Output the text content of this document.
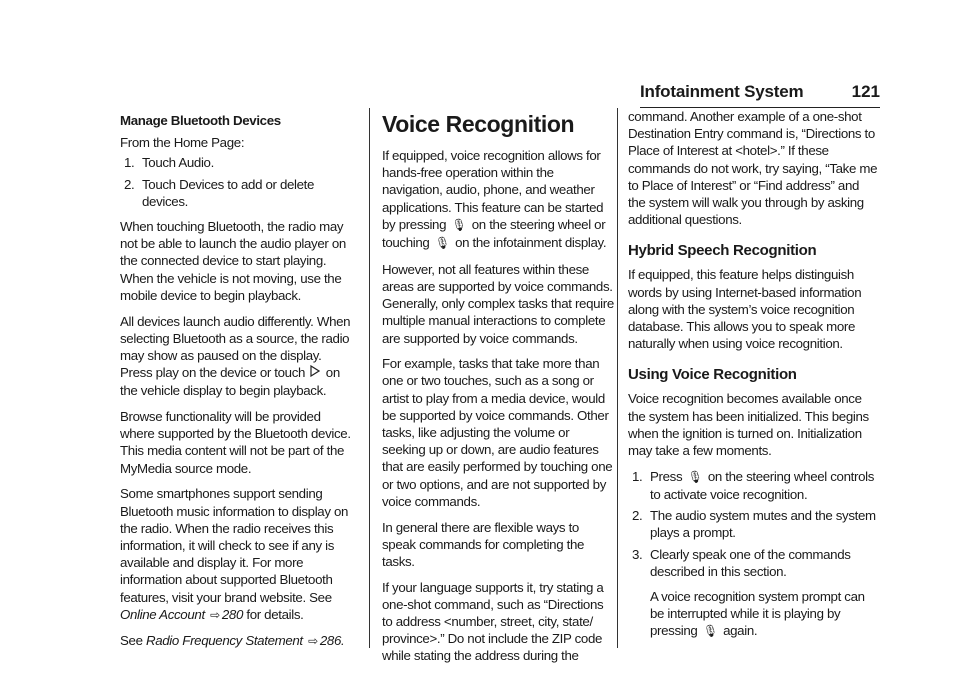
Infotainment System	121

Manage Bluetooth Devices

From the Home Page:

1. Touch Audio.
2. Touch Devices to add or delete devices.

When touching Bluetooth, the radio may not be able to launch the audio player on the connected device to start playing. When the vehicle is not moving, use the mobile device to begin playback.

All devices launch audio differently. When selecting Bluetooth as a source, the radio may show as paused on the display. Press play on the device or touch on the vehicle display to begin playback.

Browse functionality will be provided where supported by the Bluetooth device. This media content will not be part of the MyMedia source mode.

Some smartphones support sending Bluetooth music information to display on the radio. When the radio receives this information, it will check to see if any is available and display it. For more information about supported Bluetooth features, visit your brand website. See Online Account ⇨ 280 for details.

See Radio Frequency Statement ⇨ 286.

Voice Recognition

If equipped, voice recognition allows for hands-free operation within the navigation, audio, phone, and weather applications. This feature can be started by pressing 🎙 on the steering wheel or touching 🎙 on the infotainment display.

However, not all features within these areas are supported by voice commands. Generally, only complex tasks that require multiple manual interactions to complete are supported by voice commands.

For example, tasks that take more than one or two touches, such as a song or artist to play from a media device, would be supported by voice commands. Other tasks, like adjusting the volume or seeking up or down, are audio features that are easily performed by touching one or two options, and are not supported by voice commands.

In general there are flexible ways to speak commands for completing the tasks.

If your language supports it, try stating a one-shot command, such as “Directions to address <number, street, city, state/ province>.” Do not include the ZIP code while stating the address during the

command. Another example of a one-shot Destination Entry command is, “Directions to Place of Interest at <hotel>.” If these commands do not work, try saying, “Take me to Place of Interest” or “Find address” and the system will walk you through by asking additional questions.

Hybrid Speech Recognition

If equipped, this feature helps distinguish words by using Internet-based information along with the system’s voice recognition database. This allows you to speak more naturally when using voice recognition.

Using Voice Recognition

Voice recognition becomes available once the system has been initialized. This begins when the ignition is turned on. Initialization may take a few moments.

1. Press 🎙 on the steering wheel controls to activate voice recognition.
2. The audio system mutes and the system plays a prompt.
3. Clearly speak one of the commands described in this section.

A voice recognition system prompt can be interrupted while it is playing by pressing 🎙 again.
